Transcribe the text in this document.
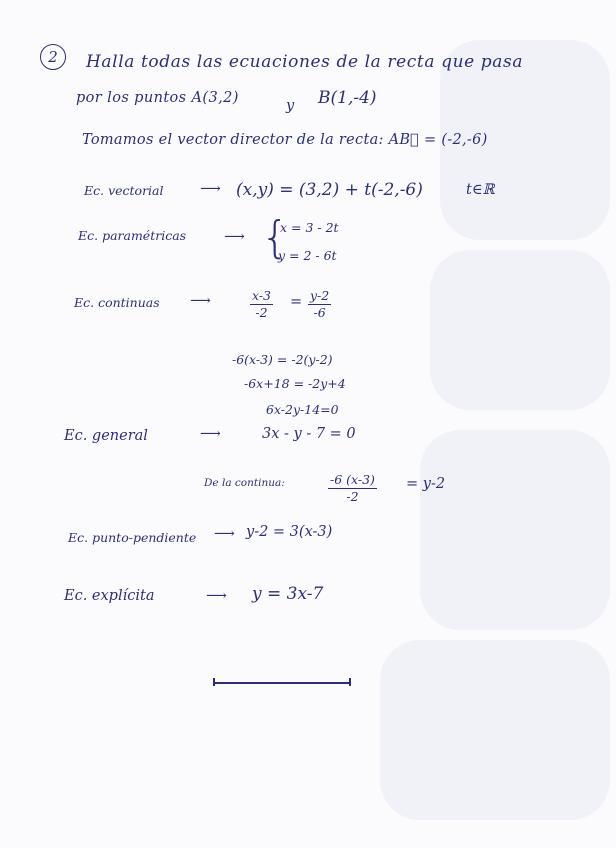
2	Halla todas las ecuaciones de la recta que pasa
por los puntos A(3,2)	y B(1,-4)
Tomamos el vector director de la recta: AB⃗ = (-2,-6)
Ec. vectorial	⟶ (x,y) = (3,2) + t(-2,-6)	t∈ℝ
Ec. paramétricas	⟶ {
x = 3 - 2t
y = 2 - 6t
Ec. continuas ⟶	$\frac{x-3}{-2} = \frac{y-2}{-6}$
-6(x-3) = -2(y-2)
-6x+18 = -2y+4
6x-2y-14=0
Ec. general	⟶	3x - y - 7 = 0
De la continua:	$\frac{-6 (x-3)}{-2} = y-2$
Ec. punto-pendiente ⟶ y-2 = 3(x-3)
Ec. explícita	⟶ y = 3x-7
